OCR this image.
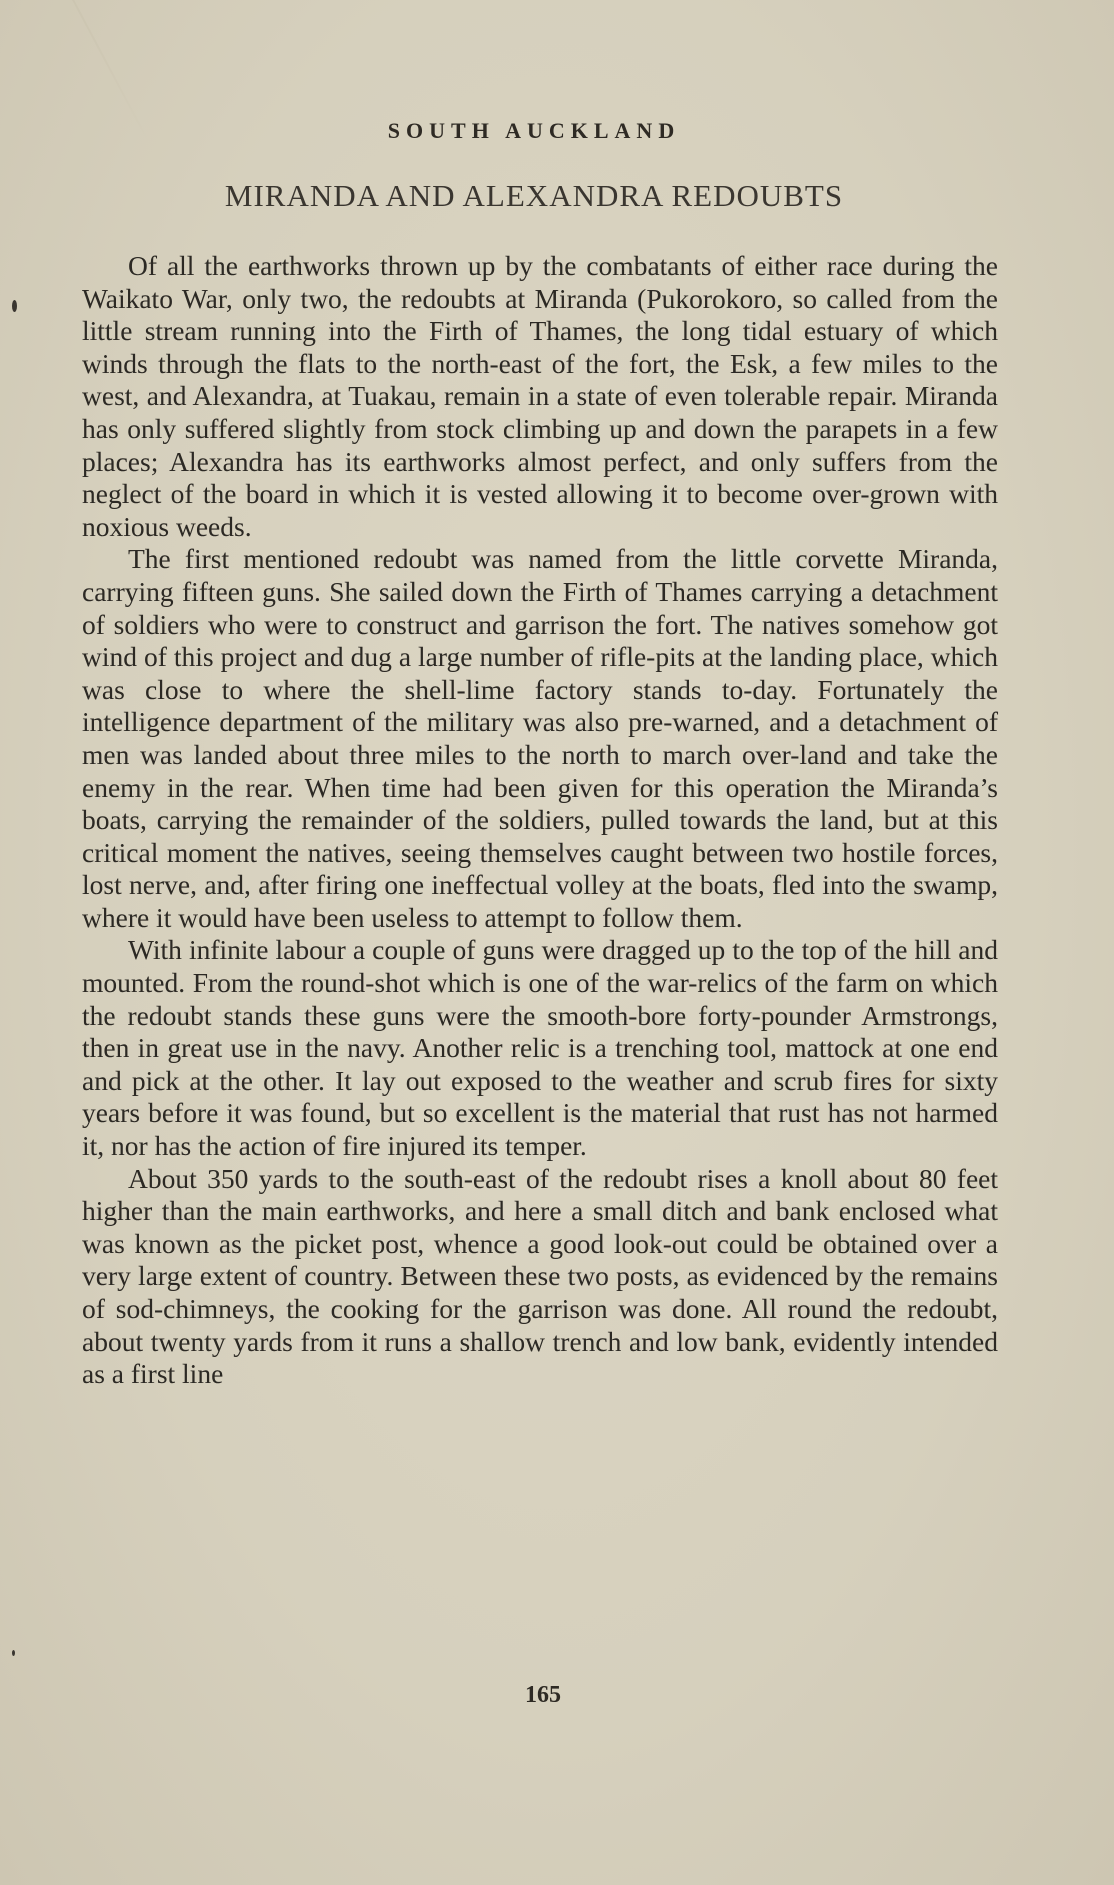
SOUTH AUCKLAND
MIRANDA AND ALEXANDRA REDOUBTS

Of all the earthworks thrown up by the combatants of either race during the Waikato War, only two, the redoubts at Miranda (Pukorokoro, so called from the little stream running into the Firth of Thames, the long tidal estuary of which winds through the flats to the north-east of the fort, the Esk, a few miles to the west, and Alexandra, at Tuakau, remain in a state of even tolerable repair. Miranda has only suffered slightly from stock climbing up and down the parapets in a few places; Alexandra has its earthworks almost perfect, and only suffers from the neglect of the board in which it is vested allowing it to become over-grown with noxious weeds.

The first mentioned redoubt was named from the little corvette Miranda, carrying fifteen guns. She sailed down the Firth of Thames carrying a detachment of soldiers who were to construct and garrison the fort. The natives somehow got wind of this project and dug a large number of rifle-pits at the landing place, which was close to where the shell-lime factory stands to-day. Fortunately the intelligence department of the military was also pre-warned, and a detachment of men was landed about three miles to the north to march over-land and take the enemy in the rear. When time had been given for this operation the Miranda’s boats, carrying the remainder of the soldiers, pulled towards the land, but at this critical moment the natives, seeing themselves caught between two hostile forces, lost nerve, and, after firing one ineffectual volley at the boats, fled into the swamp, where it would have been useless to attempt to follow them.

With infinite labour a couple of guns were dragged up to the top of the hill and mounted. From the round-shot which is one of the war-relics of the farm on which the redoubt stands these guns were the smooth-bore forty-pounder Armstrongs, then in great use in the navy. Another relic is a trenching tool, mattock at one end and pick at the other. It lay out exposed to the weather and scrub fires for sixty years before it was found, but so excellent is the material that rust has not harmed it, nor has the action of fire injured its temper.

About 350 yards to the south-east of the redoubt rises a knoll about 80 feet higher than the main earthworks, and here a small ditch and bank enclosed what was known as the picket post, whence a good look-out could be obtained over a very large extent of country. Between these two posts, as evidenced by the remains of sod-chimneys, the cooking for the garrison was done. All round the redoubt, about twenty yards from it runs a shallow trench and low bank, evidently intended as a first line

165
